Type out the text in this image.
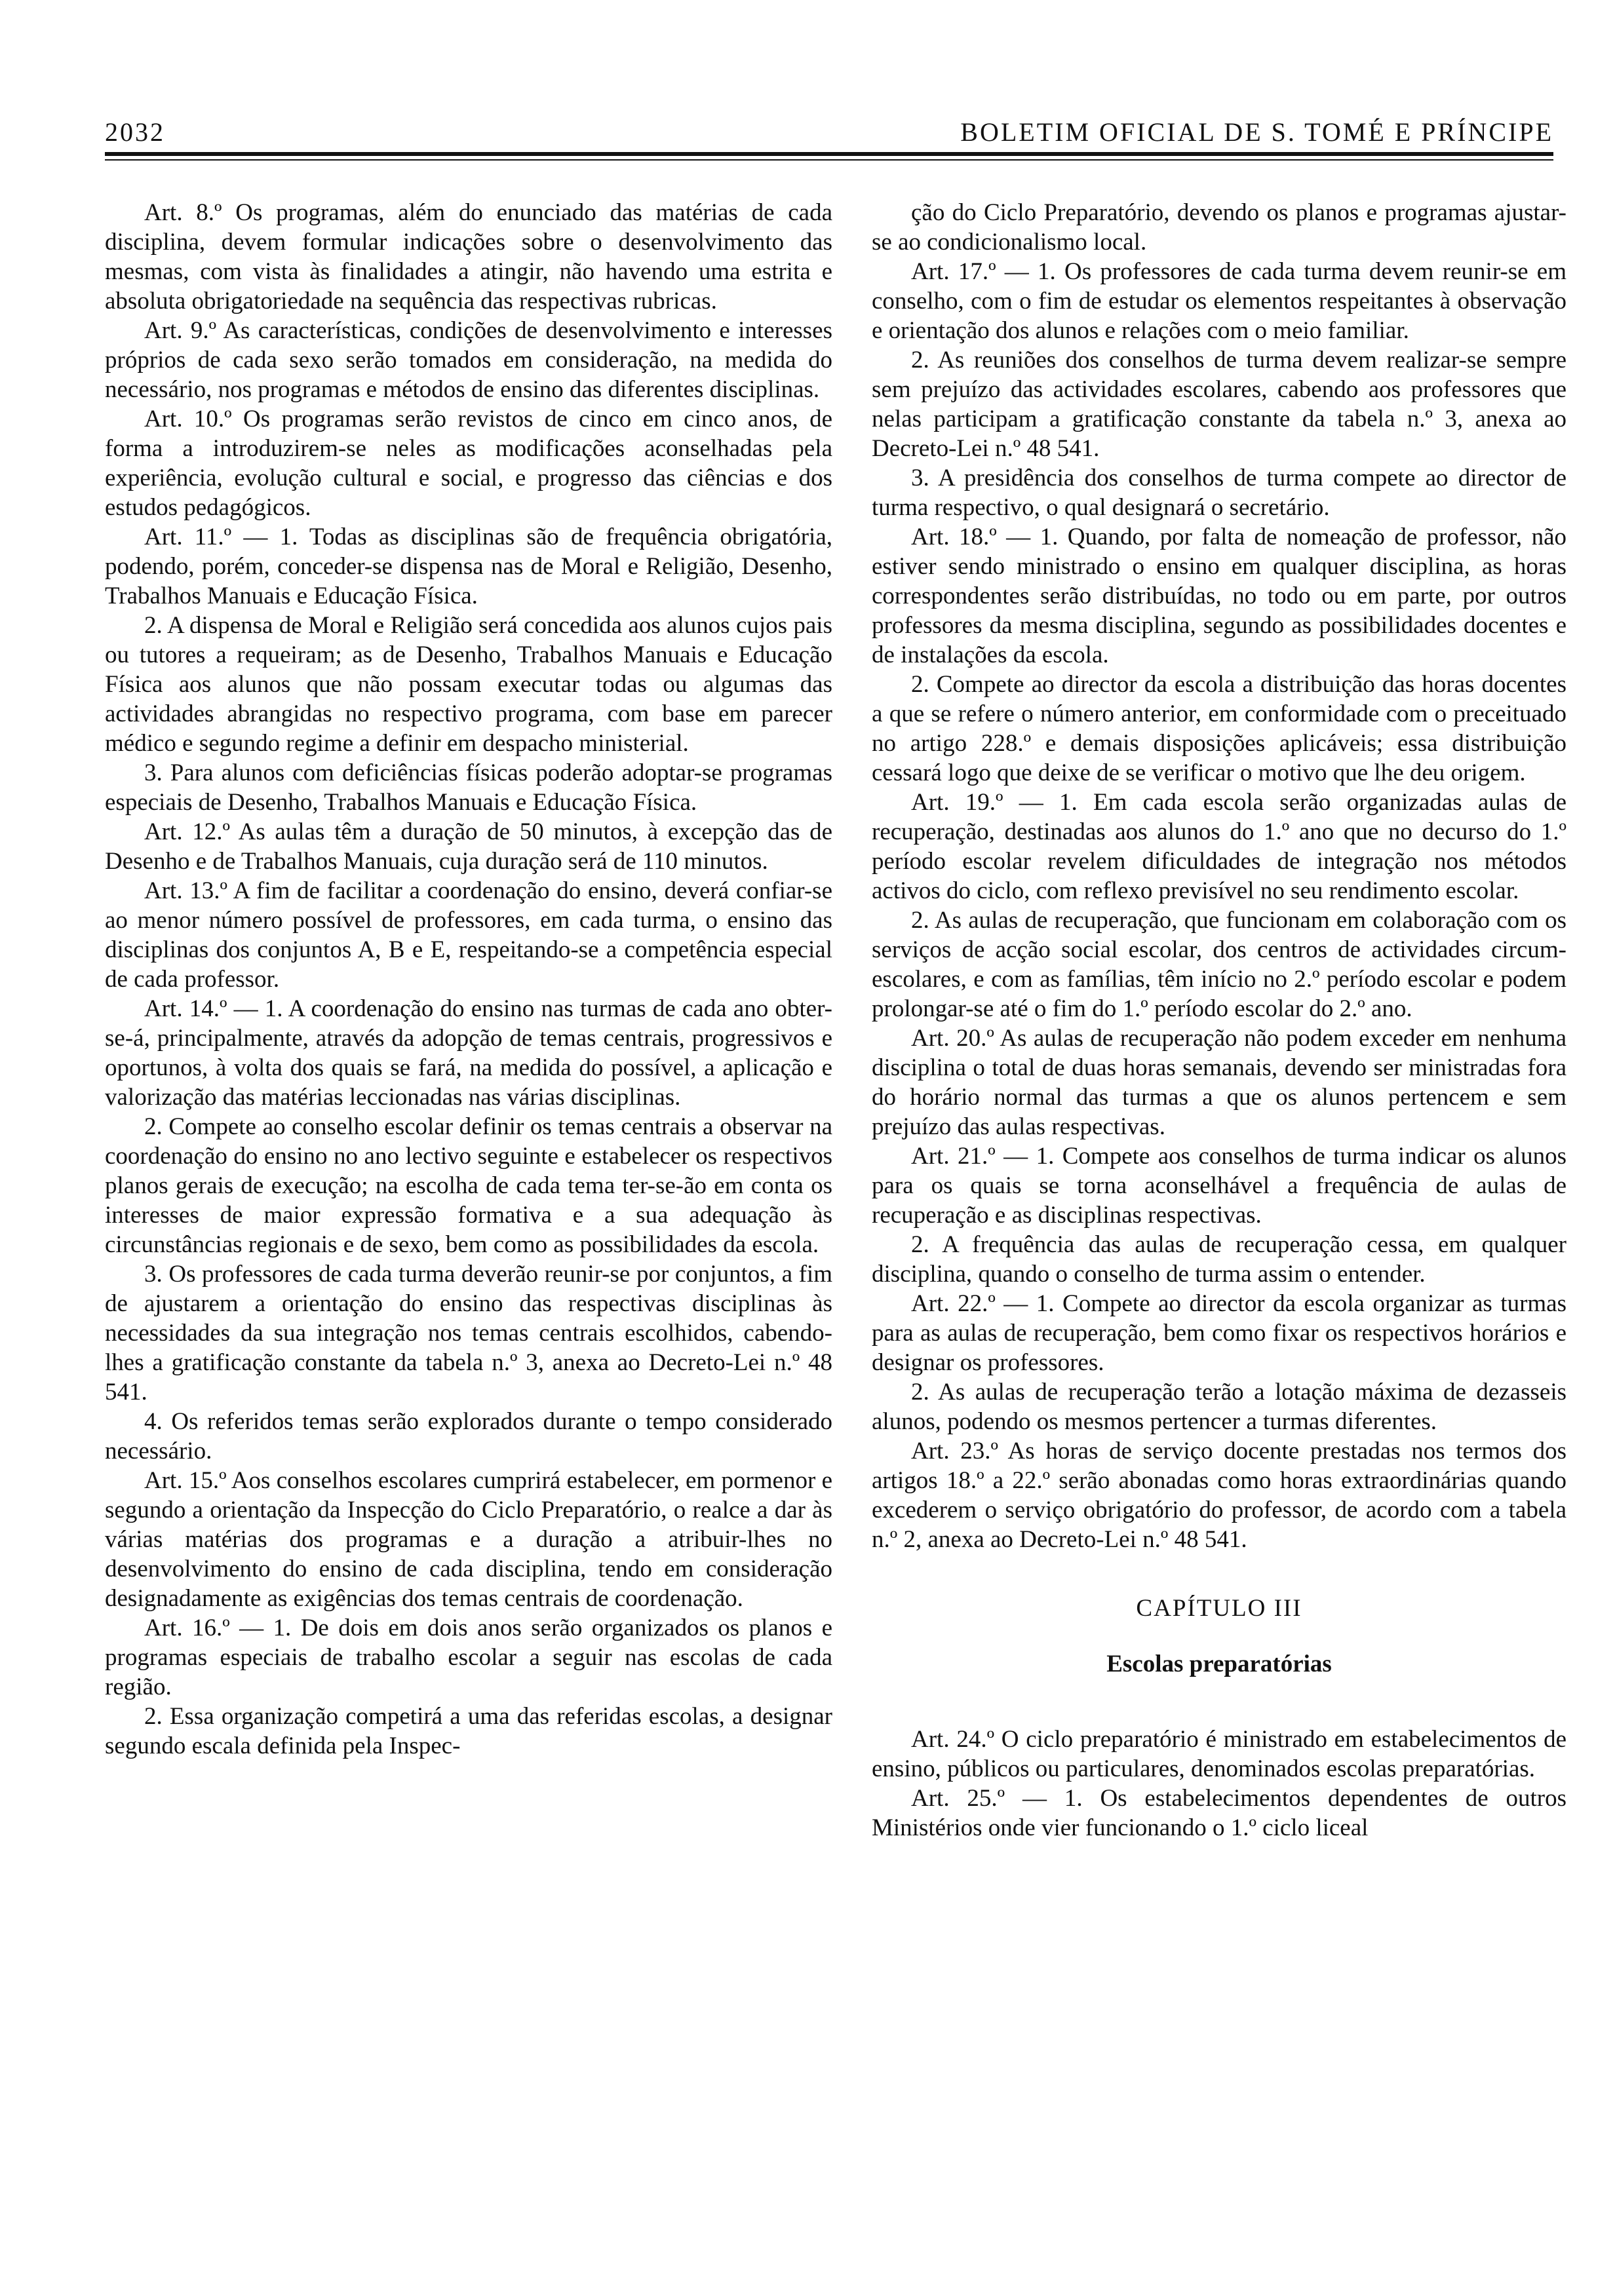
2032	BOLETIM OFICIAL DE S. TOMÉ E PRÍNCIPE

Art. 8.º Os programas, além do enunciado das matérias de cada disciplina, devem formular indicações sobre o desenvolvimento das mesmas, com vista às finalidades a atingir, não havendo uma estrita e absoluta obrigatoriedade na sequência das respectivas rubricas.

Art. 9.º As características, condições de desenvolvimento e interesses próprios de cada sexo serão tomados em consideração, na medida do necessário, nos programas e métodos de ensino das diferentes disciplinas.

Art. 10.º Os programas serão revistos de cinco em cinco anos, de forma a introduzirem-se neles as modificações aconselhadas pela experiência, evolução cultural e social, e progresso das ciências e dos estudos pedagógicos.

Art. 11.º — 1. Todas as disciplinas são de frequência obrigatória, podendo, porém, conceder-se dispensa nas de Moral e Religião, Desenho, Trabalhos Manuais e Educação Física.

2. A dispensa de Moral e Religião será concedida aos alunos cujos pais ou tutores a requeiram; as de Desenho, Trabalhos Manuais e Educação Física aos alunos que não possam executar todas ou algumas das actividades abrangidas no respectivo programa, com base em parecer médico e segundo regime a definir em despacho ministerial.

3. Para alunos com deficiências físicas poderão adoptar-se programas especiais de Desenho, Trabalhos Manuais e Educação Física.

Art. 12.º As aulas têm a duração de 50 minutos, à excepção das de Desenho e de Trabalhos Manuais, cuja duração será de 110 minutos.

Art. 13.º A fim de facilitar a coordenação do ensino, deverá confiar-se ao menor número possível de professores, em cada turma, o ensino das disciplinas dos conjuntos A, B e E, respeitando-se a competência especial de cada professor.

Art. 14.º — 1. A coordenação do ensino nas turmas de cada ano obter-se-á, principalmente, através da adopção de temas centrais, progressivos e oportunos, à volta dos quais se fará, na medida do possível, a aplicação e valorização das matérias leccionadas nas várias disciplinas.

2. Compete ao conselho escolar definir os temas centrais a observar na coordenação do ensino no ano lectivo seguinte e estabelecer os respectivos planos gerais de execução; na escolha de cada tema ter-se-ão em conta os interesses de maior expressão formativa e a sua adequação às circunstâncias regionais e de sexo, bem como as possibilidades da escola.

3. Os professores de cada turma deverão reunir-se por conjuntos, a fim de ajustarem a orientação do ensino das respectivas disciplinas às necessidades da sua integração nos temas centrais escolhidos, cabendo-lhes a gratificação constante da tabela n.º 3, anexa ao Decreto-Lei n.º 48 541.

4. Os referidos temas serão explorados durante o tempo considerado necessário.

Art. 15.º Aos conselhos escolares cumprirá estabelecer, em pormenor e segundo a orientação da Inspecção do Ciclo Preparatório, o realce a dar às várias matérias dos programas e a duração a atribuir-lhes no desenvolvimento do ensino de cada disciplina, tendo em consideração designadamente as exigências dos temas centrais de coordenação.

Art. 16.º — 1. De dois em dois anos serão organizados os planos e programas especiais de trabalho escolar a seguir nas escolas de cada região.

2. Essa organização competirá a uma das referidas escolas, a designar segundo escala definida pela Inspec-

ção do Ciclo Preparatório, devendo os planos e programas ajustar-se ao condicionalismo local.

Art. 17.º — 1. Os professores de cada turma devem reunir-se em conselho, com o fim de estudar os elementos respeitantes à observação e orientação dos alunos e relações com o meio familiar.

2. As reuniões dos conselhos de turma devem realizar-se sempre sem prejuízo das actividades escolares, cabendo aos professores que nelas participam a gratificação constante da tabela n.º 3, anexa ao Decreto-Lei n.º 48 541.

3. A presidência dos conselhos de turma compete ao director de turma respectivo, o qual designará o secretário.

Art. 18.º — 1. Quando, por falta de nomeação de professor, não estiver sendo ministrado o ensino em qualquer disciplina, as horas correspondentes serão distribuídas, no todo ou em parte, por outros professores da mesma disciplina, segundo as possibilidades docentes e de instalações da escola.

2. Compete ao director da escola a distribuição das horas docentes a que se refere o número anterior, em conformidade com o preceituado no artigo 228.º e demais disposições aplicáveis; essa distribuição cessará logo que deixe de se verificar o motivo que lhe deu origem.

Art. 19.º — 1. Em cada escola serão organizadas aulas de recuperação, destinadas aos alunos do 1.º ano que no decurso do 1.º período escolar revelem dificuldades de integração nos métodos activos do ciclo, com reflexo previsível no seu rendimento escolar.

2. As aulas de recuperação, que funcionam em colaboração com os serviços de acção social escolar, dos centros de actividades circum-escolares, e com as famílias, têm início no 2.º período escolar e podem prolongar-se até o fim do 1.º período escolar do 2.º ano.

Art. 20.º As aulas de recuperação não podem exceder em nenhuma disciplina o total de duas horas semanais, devendo ser ministradas fora do horário normal das turmas a que os alunos pertencem e sem prejuízo das aulas respectivas.

Art. 21.º — 1. Compete aos conselhos de turma indicar os alunos para os quais se torna aconselhável a frequência de aulas de recuperação e as disciplinas respectivas.

2. A frequência das aulas de recuperação cessa, em qualquer disciplina, quando o conselho de turma assim o entender.

Art. 22.º — 1. Compete ao director da escola organizar as turmas para as aulas de recuperação, bem como fixar os respectivos horários e designar os professores.

2. As aulas de recuperação terão a lotação máxima de dezasseis alunos, podendo os mesmos pertencer a turmas diferentes.

Art. 23.º As horas de serviço docente prestadas nos termos dos artigos 18.º a 22.º serão abonadas como horas extraordinárias quando excederem o serviço obrigatório do professor, de acordo com a tabela n.º 2, anexa ao Decreto-Lei n.º 48 541.

CAPÍTULO III

Escolas preparatórias

Art. 24.º O ciclo preparatório é ministrado em estabelecimentos de ensino, públicos ou particulares, denominados escolas preparatórias.

Art. 25.º — 1. Os estabelecimentos dependentes de outros Ministérios onde vier funcionando o 1.º ciclo liceal
